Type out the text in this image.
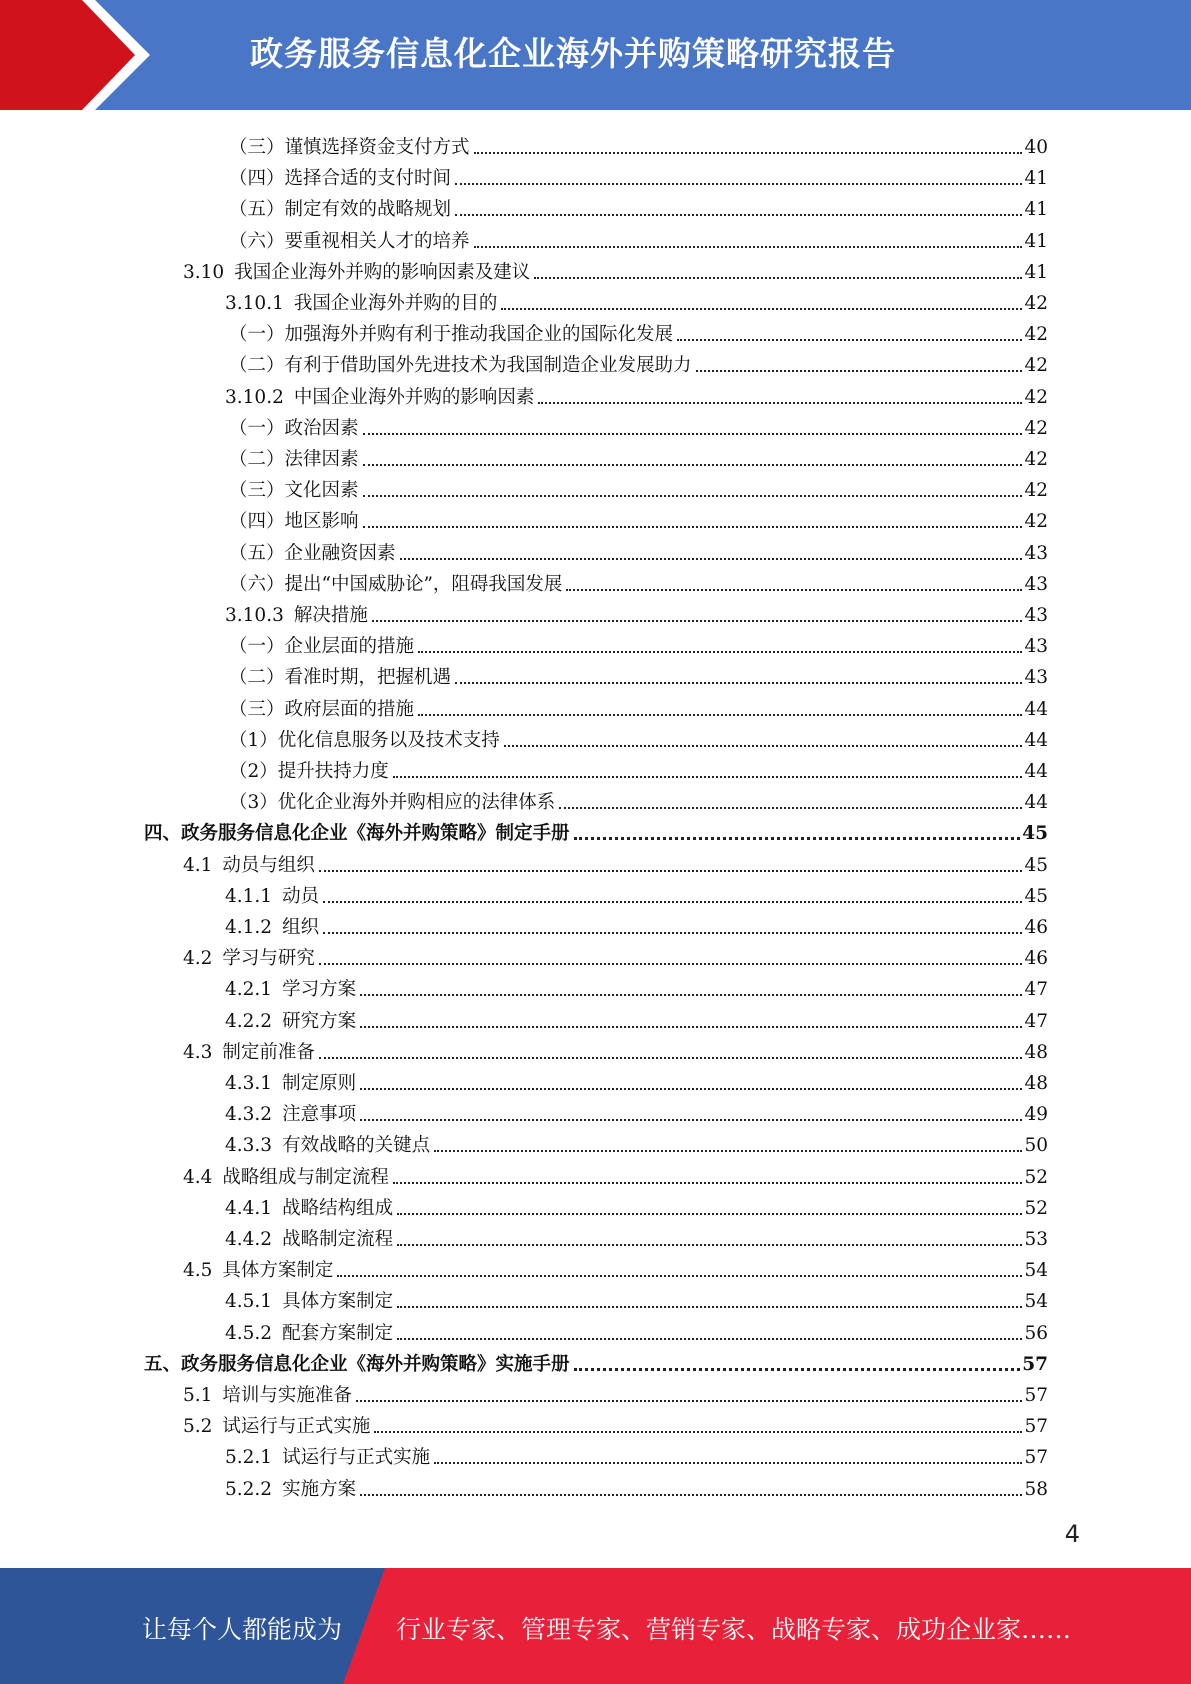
政务服务信息化企业海外并购策略研究报告
（三）谨慎选择资金支付方式	40
（四）选择合适的支付时间	41
（五）制定有效的战略规划	41
（六）要重视相关人才的培养	41
3.10 我国企业海外并购的影响因素及建议	41
3.10.1 我国企业海外并购的目的	42
（一）加强海外并购有利于推动我国企业的国际化发展	42
（二）有利于借助国外先进技术为我国制造企业发展助力	42
3.10.2 中国企业海外并购的影响因素	42
（一）政治因素	42
（二）法律因素	42
（三）文化因素	42
（四）地区影响	42
（五）企业融资因素	43
（六）提出“中国威胁论”，阻碍我国发展	43
3.10.3 解决措施	43
（一）企业层面的措施	43
（二）看准时期，把握机遇	43
（三）政府层面的措施	44
（1）优化信息服务以及技术支持	44
（2）提升扶持力度	44
（3）优化企业海外并购相应的法律体系	44
四、政务服务信息化企业《海外并购策略》制定手册	45
4.1 动员与组织	45
4.1.1 动员	45
4.1.2 组织	46
4.2 学习与研究	46
4.2.1 学习方案	47
4.2.2 研究方案	47
4.3 制定前准备	48
4.3.1 制定原则	48
4.3.2 注意事项	49
4.3.3 有效战略的关键点	50
4.4 战略组成与制定流程	52
4.4.1 战略结构组成	52
4.4.2 战略制定流程	53
4.5 具体方案制定	54
4.5.1 具体方案制定	54
4.5.2 配套方案制定	56
五、政务服务信息化企业《海外并购策略》实施手册	57
5.1 培训与实施准备	57
5.2 试运行与正式实施	57
5.2.1 试运行与正式实施	57
5.2.2 实施方案	58
4
让每个人都能成为 行业专家、管理专家、营销专家、战略专家、成功企业家……
